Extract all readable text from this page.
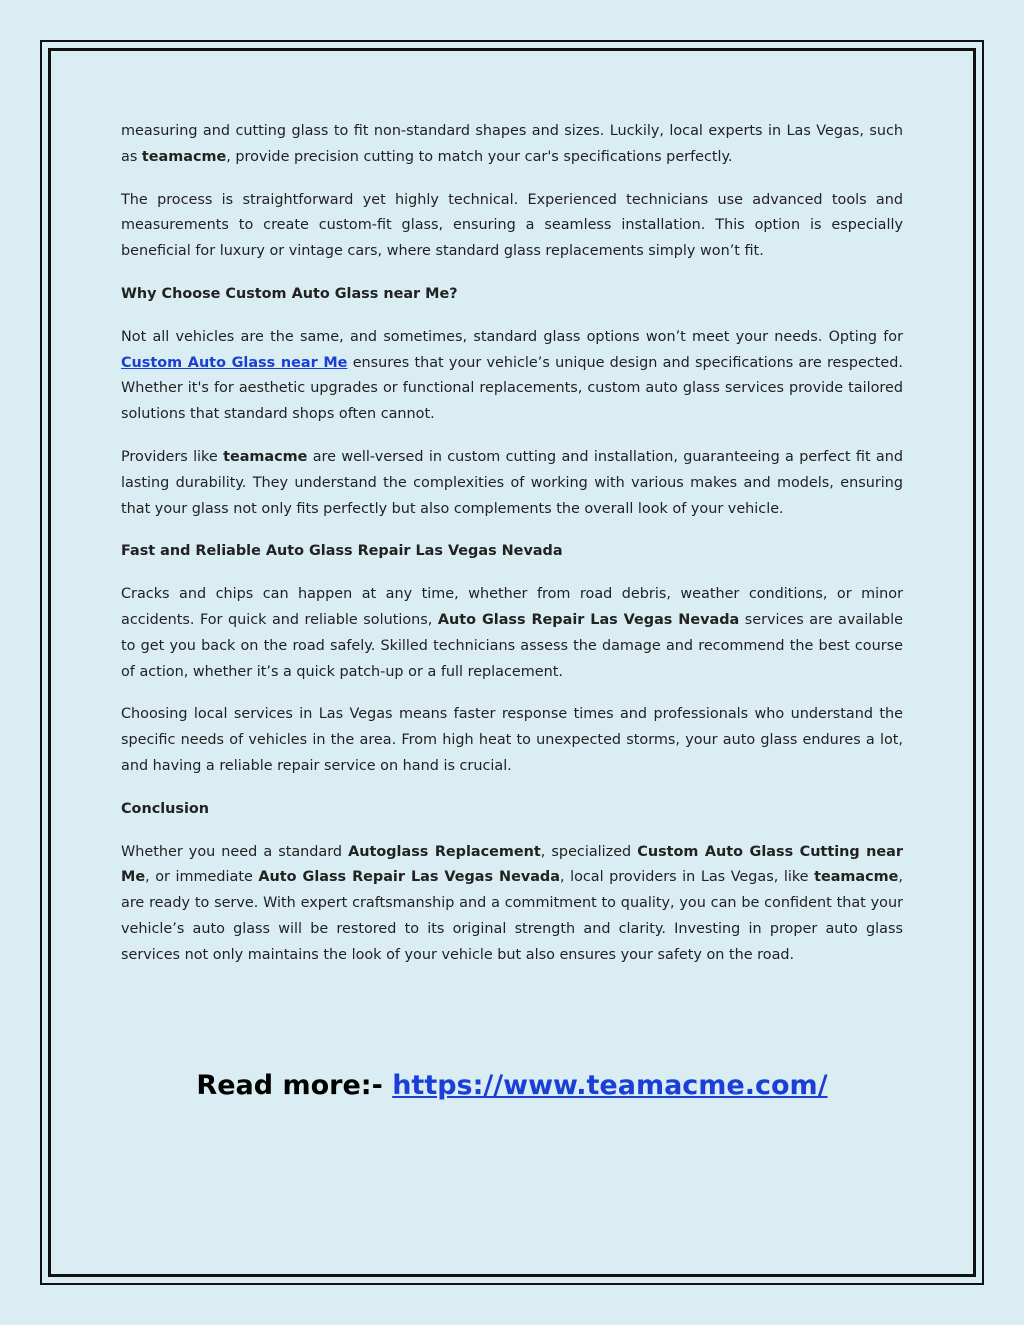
measuring and cutting glass to fit non-standard shapes and sizes. Luckily, local experts in Las Vegas, such as teamacme, provide precision cutting to match your car's specifications perfectly.

The process is straightforward yet highly technical. Experienced technicians use advanced tools and measurements to create custom-fit glass, ensuring a seamless installation. This option is especially beneficial for luxury or vintage cars, where standard glass replacements simply won’t fit.

Why Choose Custom Auto Glass near Me?

Not all vehicles are the same, and sometimes, standard glass options won’t meet your needs. Opting for Custom Auto Glass near Me ensures that your vehicle’s unique design and specifications are respected. Whether it's for aesthetic upgrades or functional replacements, custom auto glass services provide tailored solutions that standard shops often cannot.

Providers like teamacme are well-versed in custom cutting and installation, guaranteeing a perfect fit and lasting durability. They understand the complexities of working with various makes and models, ensuring that your glass not only fits perfectly but also complements the overall look of your vehicle.

Fast and Reliable Auto Glass Repair Las Vegas Nevada

Cracks and chips can happen at any time, whether from road debris, weather conditions, or minor accidents. For quick and reliable solutions, Auto Glass Repair Las Vegas Nevada services are available to get you back on the road safely. Skilled technicians assess the damage and recommend the best course of action, whether it’s a quick patch-up or a full replacement.

Choosing local services in Las Vegas means faster response times and professionals who understand the specific needs of vehicles in the area. From high heat to unexpected storms, your auto glass endures a lot, and having a reliable repair service on hand is crucial.

Conclusion

Whether you need a standard Autoglass Replacement, specialized Custom Auto Glass Cutting near Me, or immediate Auto Glass Repair Las Vegas Nevada, local providers in Las Vegas, like teamacme, are ready to serve. With expert craftsmanship and a commitment to quality, you can be confident that your vehicle’s auto glass will be restored to its original strength and clarity. Investing in proper auto glass services not only maintains the look of your vehicle but also ensures your safety on the road.

Read more:- https://www.teamacme.com/
